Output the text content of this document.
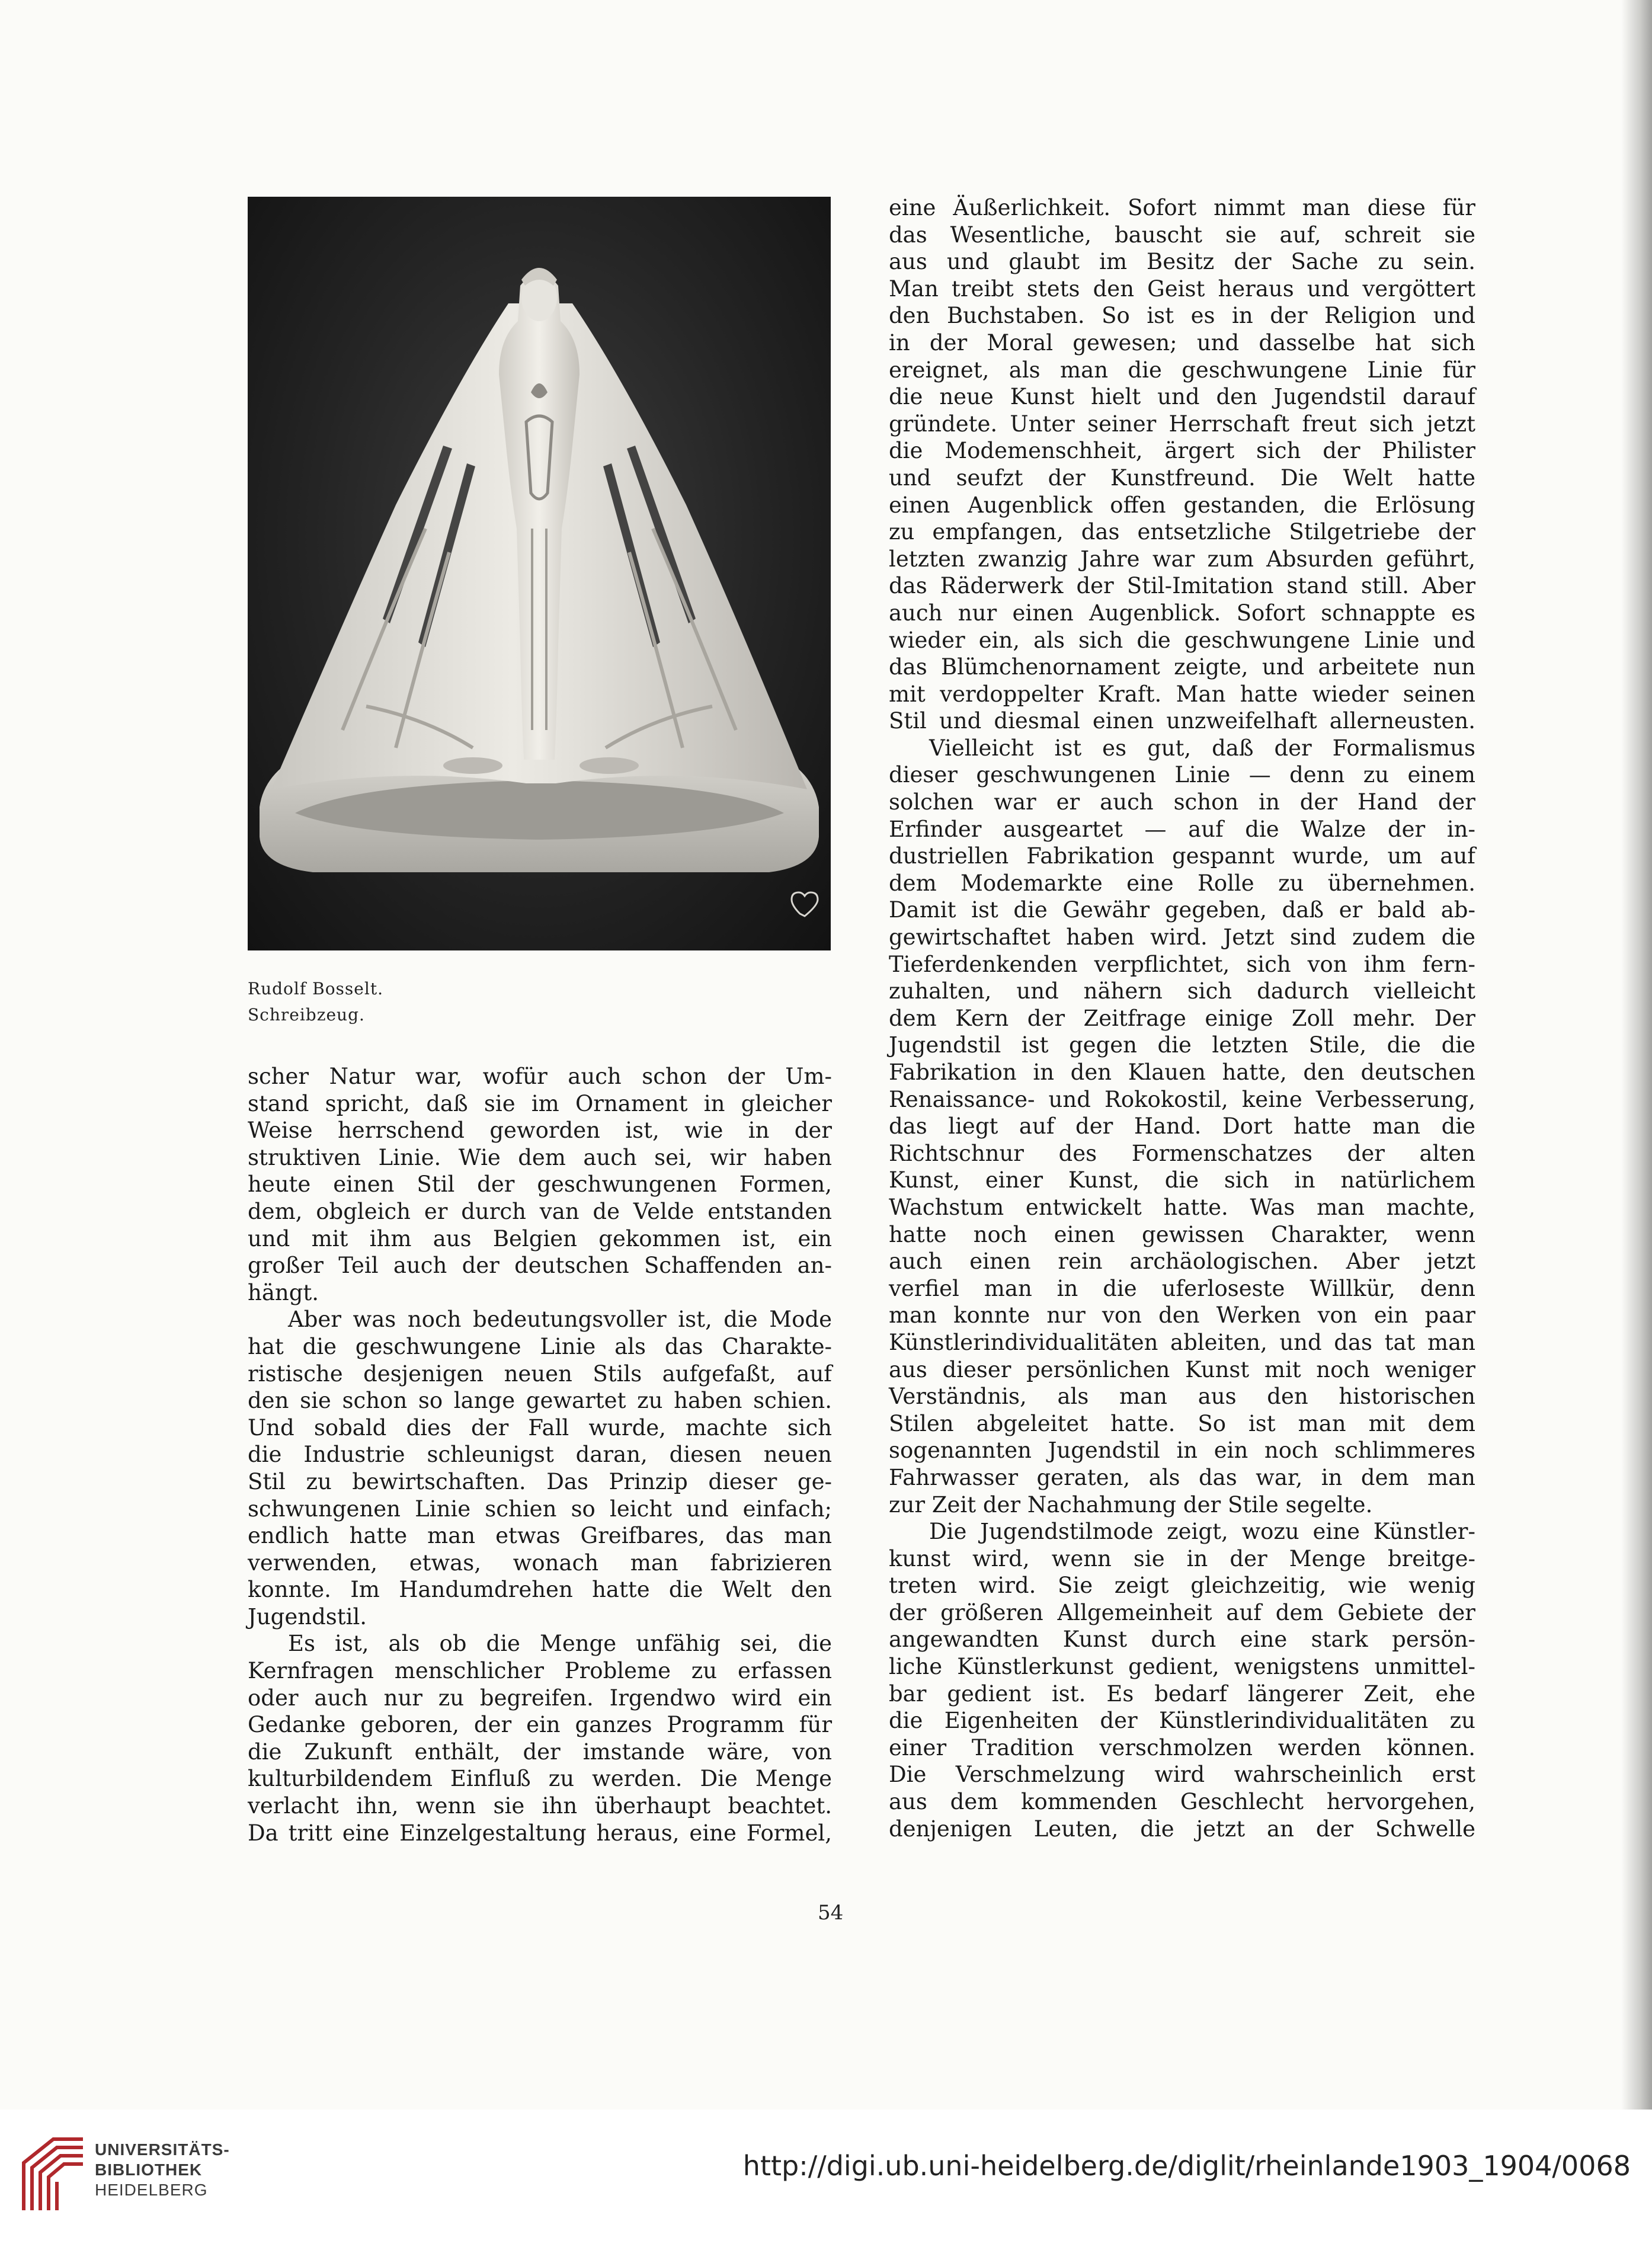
Rudolf Bosselt.
Schreibzeug.
scher Natur war, wofür auch schon der Um-
stand spricht, daß sie im Ornament in gleicher
Weise herrschend geworden ist, wie in der
struktiven Linie. Wie dem auch sei, wir haben
heute einen Stil der geschwungenen Formen,
dem, obgleich er durch van de Velde entstanden
und mit ihm aus Belgien gekommen ist, ein
großer Teil auch der deutschen Schaffenden an-
hängt.
Aber was noch bedeutungsvoller ist, die Mode
hat die geschwungene Linie als das Charakte-
ristische desjenigen neuen Stils aufgefaßt, auf
den sie schon so lange gewartet zu haben schien.
Und sobald dies der Fall wurde, machte sich
die Industrie schleunigst daran, diesen neuen
Stil zu bewirtschaften. Das Prinzip dieser ge-
schwungenen Linie schien so leicht und einfach;
endlich hatte man etwas Greifbares, das man
verwenden, etwas, wonach man fabrizieren
konnte. Im Handumdrehen hatte die Welt den
Jugendstil.
Es ist, als ob die Menge unfähig sei, die
Kernfragen menschlicher Probleme zu erfassen
oder auch nur zu begreifen. Irgendwo wird ein
Gedanke geboren, der ein ganzes Programm für
die Zukunft enthält, der imstande wäre, von
kulturbildendem Einfluß zu werden. Die Menge
verlacht ihn, wenn sie ihn überhaupt beachtet.
Da tritt eine Einzelgestaltung heraus, eine Formel,
eine Äußerlichkeit. Sofort nimmt man diese für
das Wesentliche, bauscht sie auf, schreit sie
aus und glaubt im Besitz der Sache zu sein.
Man treibt stets den Geist heraus und vergöttert
den Buchstaben. So ist es in der Religion und
in der Moral gewesen; und dasselbe hat sich
ereignet, als man die geschwungene Linie für
die neue Kunst hielt und den Jugendstil darauf
gründete. Unter seiner Herrschaft freut sich jetzt
die Modemenschheit, ärgert sich der Philister
und seufzt der Kunstfreund. Die Welt hatte
einen Augenblick offen gestanden, die Erlösung
zu empfangen, das entsetzliche Stilgetriebe der
letzten zwanzig Jahre war zum Absurden geführt,
das Räderwerk der Stil-Imitation stand still. Aber
auch nur einen Augenblick. Sofort schnappte es
wieder ein, als sich die geschwungene Linie und
das Blümchenornament zeigte, und arbeitete nun
mit verdoppelter Kraft. Man hatte wieder seinen
Stil und diesmal einen unzweifelhaft allerneusten.
Vielleicht ist es gut, daß der Formalismus
dieser geschwungenen Linie — denn zu einem
solchen war er auch schon in der Hand der
Erfinder ausgeartet — auf die Walze der in-
dustriellen Fabrikation gespannt wurde, um auf
dem Modemarkte eine Rolle zu übernehmen.
Damit ist die Gewähr gegeben, daß er bald ab-
gewirtschaftet haben wird. Jetzt sind zudem die
Tieferdenkenden verpflichtet, sich von ihm fern-
zuhalten, und nähern sich dadurch vielleicht
dem Kern der Zeitfrage einige Zoll mehr. Der
Jugendstil ist gegen die letzten Stile, die die
Fabrikation in den Klauen hatte, den deutschen
Renaissance- und Rokokostil, keine Verbesserung,
das liegt auf der Hand. Dort hatte man die
Richtschnur des Formenschatzes der alten
Kunst, einer Kunst, die sich in natürlichem
Wachstum entwickelt hatte. Was man machte,
hatte noch einen gewissen Charakter, wenn
auch einen rein archäologischen. Aber jetzt
verfiel man in die uferloseste Willkür, denn
man konnte nur von den Werken von ein paar
Künstlerindividualitäten ableiten, und das tat man
aus dieser persönlichen Kunst mit noch weniger
Verständnis, als man aus den historischen
Stilen abgeleitet hatte. So ist man mit dem
sogenannten Jugendstil in ein noch schlimmeres
Fahrwasser geraten, als das war, in dem man
zur Zeit der Nachahmung der Stile segelte.
Die Jugendstilmode zeigt, wozu eine Künstler-
kunst wird, wenn sie in der Menge breitge-
treten wird. Sie zeigt gleichzeitig, wie wenig
der größeren Allgemeinheit auf dem Gebiete der
angewandten Kunst durch eine stark persön-
liche Künstlerkunst gedient, wenigstens unmittel-
bar gedient ist. Es bedarf längerer Zeit, ehe
die Eigenheiten der Künstlerindividualitäten zu
einer Tradition verschmolzen werden können.
Die Verschmelzung wird wahrscheinlich erst
aus dem kommenden Geschlecht hervorgehen,
denjenigen Leuten, die jetzt an der Schwelle
54
UNIVERSITÄTS-
BIBLIOTHEK
HEIDELBERG
http://digi.ub.uni-heidelberg.de/diglit/rheinlande1903_1904/0068
